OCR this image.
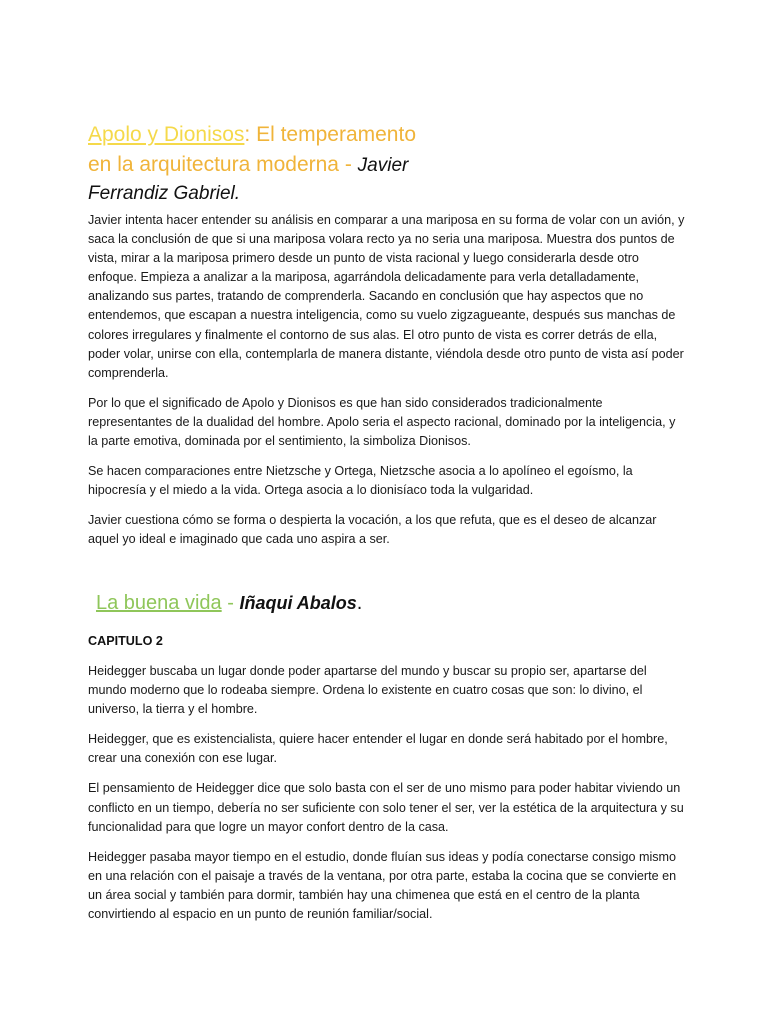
Apolo y Dionisos: El temperamento

en la arquitectura moderna - Javier

Ferrandiz Gabriel.

Javier intenta hacer entender su análisis en comparar a una mariposa en su forma de volar con un avión, y saca la conclusión de que si una mariposa volara recto ya no seria una mariposa. Muestra dos puntos de vista, mirar a la mariposa primero desde un punto de vista racional y luego considerarla desde otro enfoque. Empieza a analizar a la mariposa, agarrándola delicadamente para verla detalladamente, analizando sus partes, tratando de comprenderla. Sacando en conclusión que hay aspectos que no entendemos, que escapan a nuestra inteligencia, como su vuelo zigzagueante, después sus manchas de colores irregulares y finalmente el contorno de sus alas. El otro punto de vista es correr detrás de ella, poder volar, unirse con ella, contemplarla de manera distante, viéndola desde otro punto de vista así poder comprenderla.

Por lo que el significado de Apolo y Dionisos es que han sido considerados tradicionalmente representantes de la dualidad del hombre. Apolo seria el aspecto racional, dominado por la inteligencia, y la parte emotiva, dominada por el sentimiento, la simboliza Dionisos.

Se hacen comparaciones entre Nietzsche y Ortega, Nietzsche asocia a lo apolíneo el egoísmo, la hipocresía y el miedo a la vida. Ortega asocia a lo dionisíaco toda la vulgaridad.

Javier cuestiona cómo se forma o despierta la vocación, a los que refuta, que es el deseo de alcanzar aquel yo ideal e imaginado que cada uno aspira a ser.

La buena vida - Iñaqui Abalos.

CAPITULO 2

Heidegger buscaba un lugar donde poder apartarse del mundo y buscar su propio ser, apartarse del mundo moderno que lo rodeaba siempre. Ordena lo existente en cuatro cosas que son: lo divino, el universo, la tierra y el hombre.

Heidegger, que es existencialista, quiere hacer entender el lugar en donde será habitado por el hombre, crear una conexión con ese lugar.

El pensamiento de Heidegger dice que solo basta con el ser de uno mismo para poder habitar viviendo un conflicto en un tiempo, debería no ser suficiente con solo tener el ser, ver la estética de la arquitectura y su funcionalidad para que logre un mayor confort dentro de la casa.

Heidegger pasaba mayor tiempo en el estudio, donde fluían sus ideas y podía conectarse consigo mismo en una relación con el paisaje a través de la ventana, por otra parte, estaba la cocina que se convierte en un área social y también para dormir, también hay una chimenea que está en el centro de la planta convirtiendo al espacio en un punto de reunión familiar/social.
